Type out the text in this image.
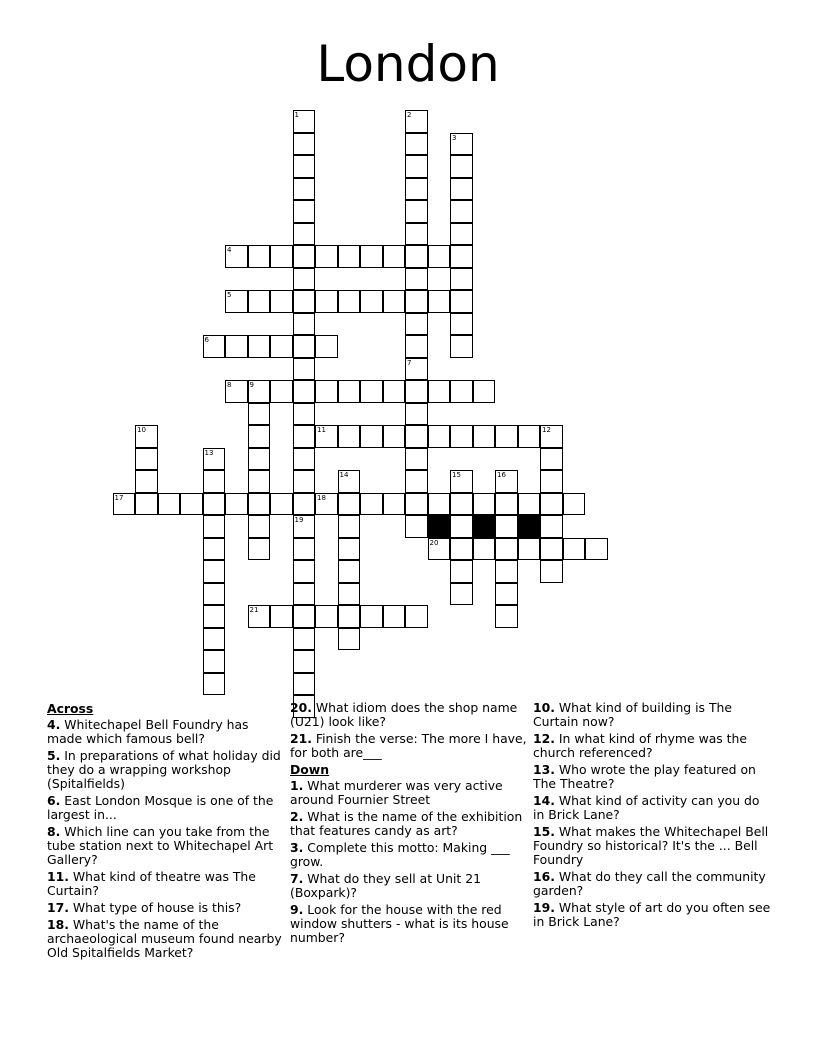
London
1
19
2
3
7
9
10	12
13
14	15	16
4
5
6
8
11
17	18
20
21
Across
4. Whitechapel Bell Foundry has made which famous bell?
5. In preparations of what holiday did they do a wrapping workshop (Spitalfields)
6. East London Mosque is one of the largest in...
8. Which line can you take from the tube station next to Whitechapel Art Gallery?
11. What kind of theatre was The Curtain?
17. What type of house is this?
18. What's the name of the archaeological museum found nearby Old Spitalfields Market?
20. What idiom does the shop name (U21) look like?
21. Finish the verse: The more I have, for both are___
Down
1. What murderer was very active around Fournier Street
2. What is the name of the exhibition that features candy as art?
3. Complete this motto: Making ___ grow.
7. What do they sell at Unit 21 (Boxpark)?
9. Look for the house with the red window shutters - what is its house number?
10. What kind of building is The Curtain now?
12. In what kind of rhyme was the church referenced?
13. Who wrote the play featured on The Theatre?
14. What kind of activity can you do in Brick Lane?
15. What makes the Whitechapel Bell Foundry so historical? It's the ... Bell Foundry
16. What do they call the community garden?
19. What style of art do you often see in Brick Lane?
